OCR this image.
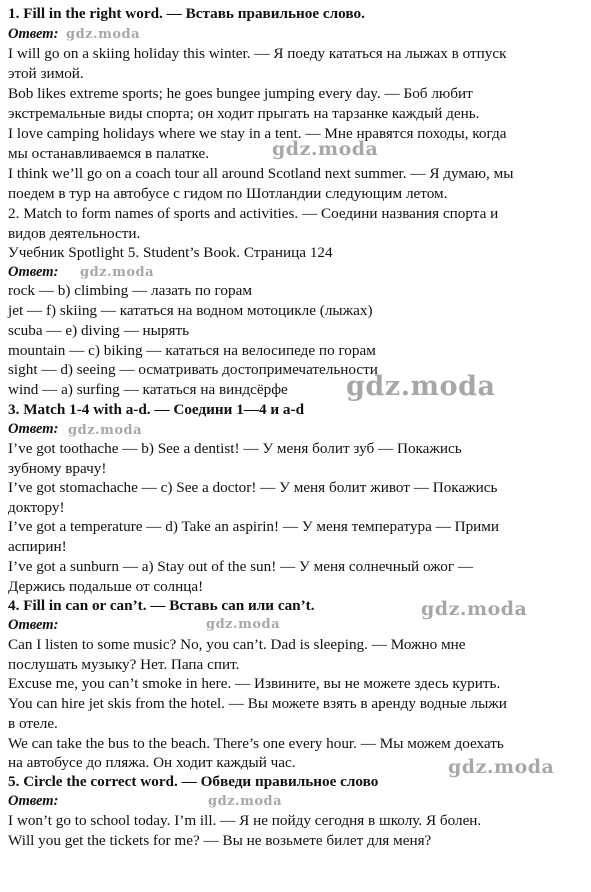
1. Fill in the right word. — Вставь правильное слово.
Ответ:
I will go on a skiing holiday this winter. — Я поеду кататься на лыжах в отпуск
этой зимой.
Bob likes extreme sports; he goes bungee jumping every day. — Боб любит
экстремальные виды спорта; он ходит прыгать на тарзанке каждый день.
I love camping holidays where we stay in a tent. — Мне нравятся походы, когда
мы останавливаемся в палатке.
I think we’ll go on a coach tour all around Scotland next summer. — Я думаю, мы
поедем в тур на автобусе с гидом по Шотландии следующим летом.
2. Match to form names of sports and activities. — Соедини названия спорта и
видов деятельности.
Учебник Spotlight 5. Student’s Book. Страница 124
Ответ:
rock — b) climbing — лазать по горам
jet — f) skiing — кататься на водном мотоцикле (лыжах)
scuba — e) diving — нырять
mountain — c) biking — кататься на велосипеде по горам
sight — d) seeing — осматривать достопримечательности
wind — a) surfing — кататься на виндсёрфе
3. Match 1-4 with a-d. — Соедини 1—4 и a-d
Ответ:
I’ve got toothache — b) See a dentist! — У меня болит зуб — Покажись
зубному врачу!
I’ve got stomachache — c) See a doctor! — У меня болит живот — Покажись
доктору!
I’ve got a temperature — d) Take an aspirin! — У меня температура — Прими
аспирин!
I’ve got a sunburn — a) Stay out of the sun! — У меня солнечный ожог —
Держись подальше от солнца!
4. Fill in can or can’t. — Вставь can или can’t.
Ответ:
Can I listen to some music? No, you can’t. Dad is sleeping. — Можно мне
послушать музыку? Нет. Папа спит.
Excuse me, you can’t smoke in here. — Извините, вы не можете здесь курить.
You can hire jet skis from the hotel. — Вы можете взять в аренду водные лыжи
в отеле.
We can take the bus to the beach. There’s one every hour. — Мы можем доехать
на автобусе до пляжа. Он ходит каждый час.
5. Circle the correct word. — Обведи правильное слово
Ответ:
I won’t go to school today. I’m ill. — Я не пойду сегодня в школу. Я болен.
Will you get the tickets for me? — Вы не возьмете билет для меня?
gdz.moda
gdz.moda
gdz.moda
gdz.moda
gdz.moda
gdz.moda
gdz.moda
gdz.moda
gdz.moda
